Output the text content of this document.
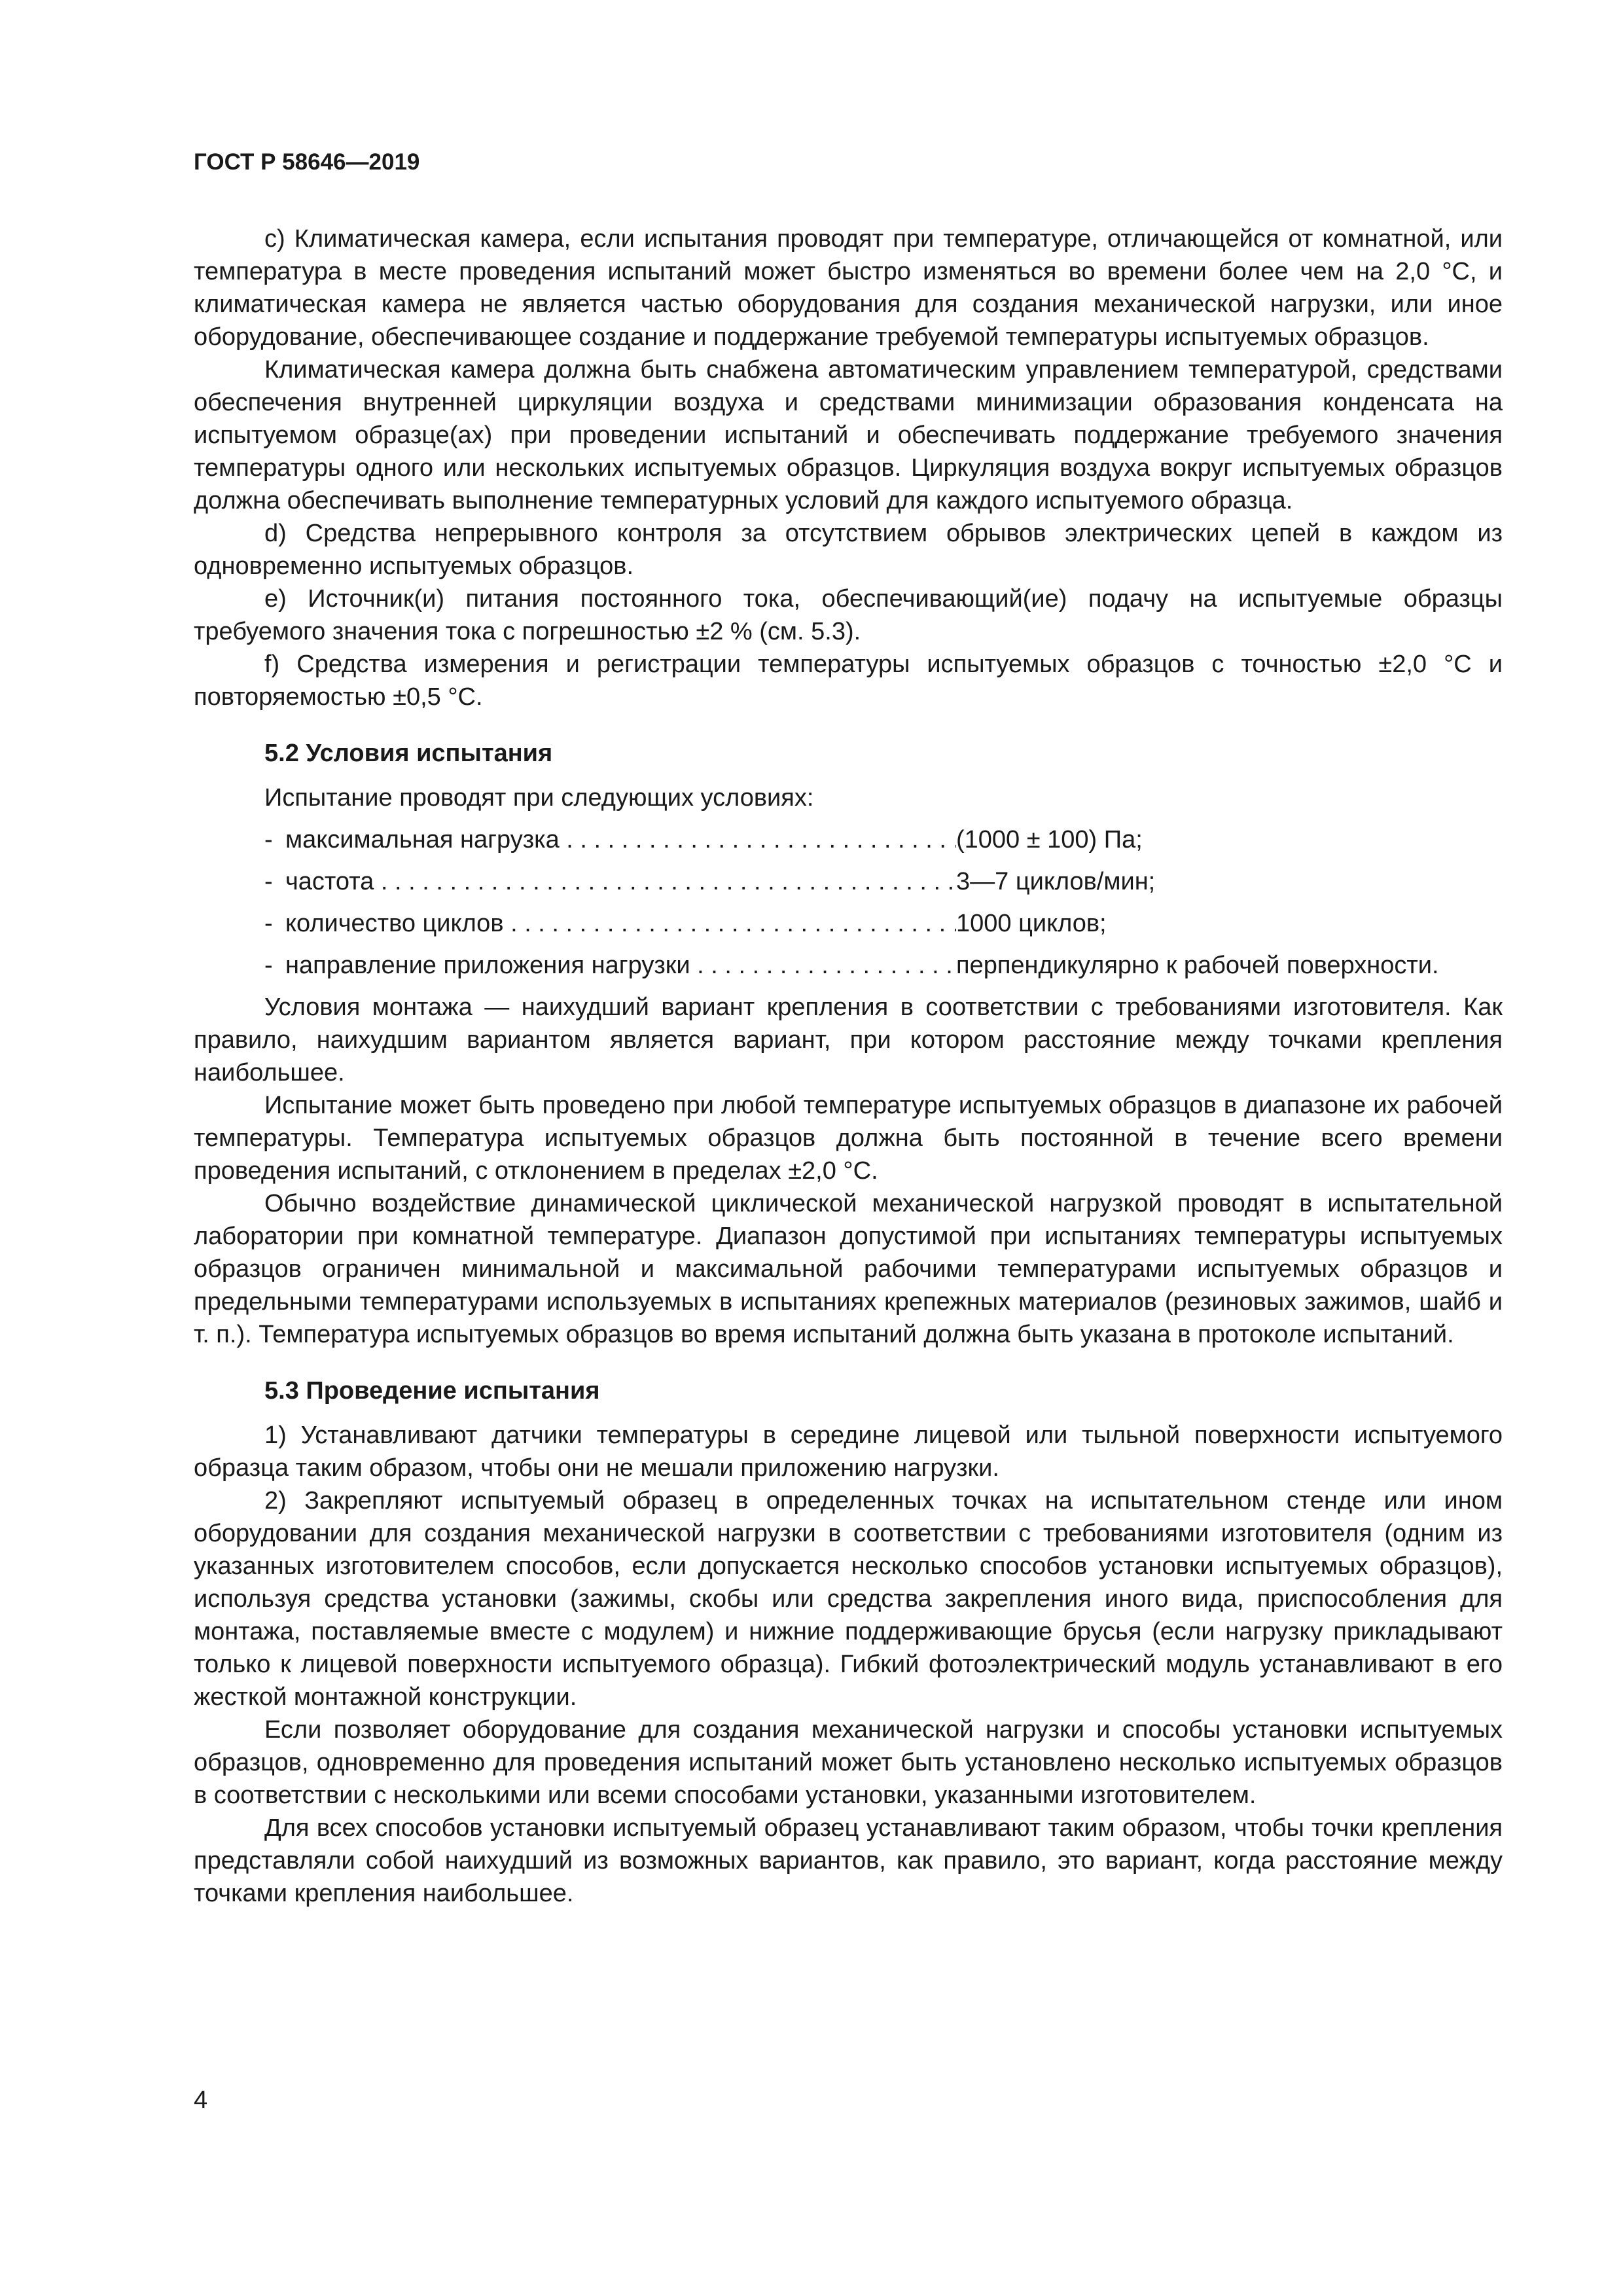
ГОСТ Р 58646—2019

c) Климатическая камера, если испытания проводят при температуре, отличающейся от комнатной, или температура в месте проведения испытаний может быстро изменяться во времени более чем на 2,0 °С, и климатическая камера не является частью оборудования для создания механической нагрузки, или иное оборудование, обеспечивающее создание и поддержание требуемой температуры испытуемых образцов.

Климатическая камера должна быть снабжена автоматическим управлением температурой, средствами обеспечения внутренней циркуляции воздуха и средствами минимизации образования конденсата на испытуемом образце(ах) при проведении испытаний и обеспечивать поддержание требуемого значения температуры одного или нескольких испытуемых образцов. Циркуляция воздуха вокруг испытуемых образцов должна обеспечивать выполнение температурных условий для каждого испытуемого образца.

d) Средства непрерывного контроля за отсутствием обрывов электрических цепей в каждом из одновременно испытуемых образцов.

e) Источник(и) питания постоянного тока, обеспечивающий(ие) подачу на испытуемые образцы требуемого значения тока с погрешностью ±2 % (см. 5.3).

f) Средства измерения и регистрации температуры испытуемых образцов с точностью ±2,0 °С и повторяемостью ±0,5 °С.

5.2 Условия испытания

Испытание проводят при следующих условиях:

- максимальная нагрузка . . .	(1000 ± 100) Па;
- частота . . .	3—7 циклов/мин;
- количество циклов . . .	1000 циклов;
- направление приложения нагрузки . . .	перпендикулярно к рабочей поверхности.

Условия монтажа — наихудший вариант крепления в соответствии с требованиями изготовителя. Как правило, наихудшим вариантом является вариант, при котором расстояние между точками крепления наибольшее.

Испытание может быть проведено при любой температуре испытуемых образцов в диапазоне их рабочей температуры. Температура испытуемых образцов должна быть постоянной в течение всего времени проведения испытаний, с отклонением в пределах ±2,0 °С.

Обычно воздействие динамической циклической механической нагрузкой проводят в испытательной лаборатории при комнатной температуре. Диапазон допустимой при испытаниях температуры испытуемых образцов ограничен минимальной и максимальной рабочими температурами испытуемых образцов и предельными температурами используемых в испытаниях крепежных материалов (резиновых зажимов, шайб и т. п.). Температура испытуемых образцов во время испытаний должна быть указана в протоколе испытаний.

5.3 Проведение испытания

1) Устанавливают датчики температуры в середине лицевой или тыльной поверхности испытуемого образца таким образом, чтобы они не мешали приложению нагрузки.

2) Закрепляют испытуемый образец в определенных точках на испытательном стенде или ином оборудовании для создания механической нагрузки в соответствии с требованиями изготовителя (одним из указанных изготовителем способов, если допускается несколько способов установки испытуемых образцов), используя средства установки (зажимы, скобы или средства закрепления иного вида, приспособления для монтажа, поставляемые вместе с модулем) и нижние поддерживающие брусья (если нагрузку прикладывают только к лицевой поверхности испытуемого образца). Гибкий фотоэлектрический модуль устанавливают в его жесткой монтажной конструкции.

Если позволяет оборудование для создания механической нагрузки и способы установки испытуемых образцов, одновременно для проведения испытаний может быть установлено несколько испытуемых образцов в соответствии с несколькими или всеми способами установки, указанными изготовителем.

Для всех способов установки испытуемый образец устанавливают таким образом, чтобы точки крепления представляли собой наихудший из возможных вариантов, как правило, это вариант, когда расстояние между точками крепления наибольшее.

4
